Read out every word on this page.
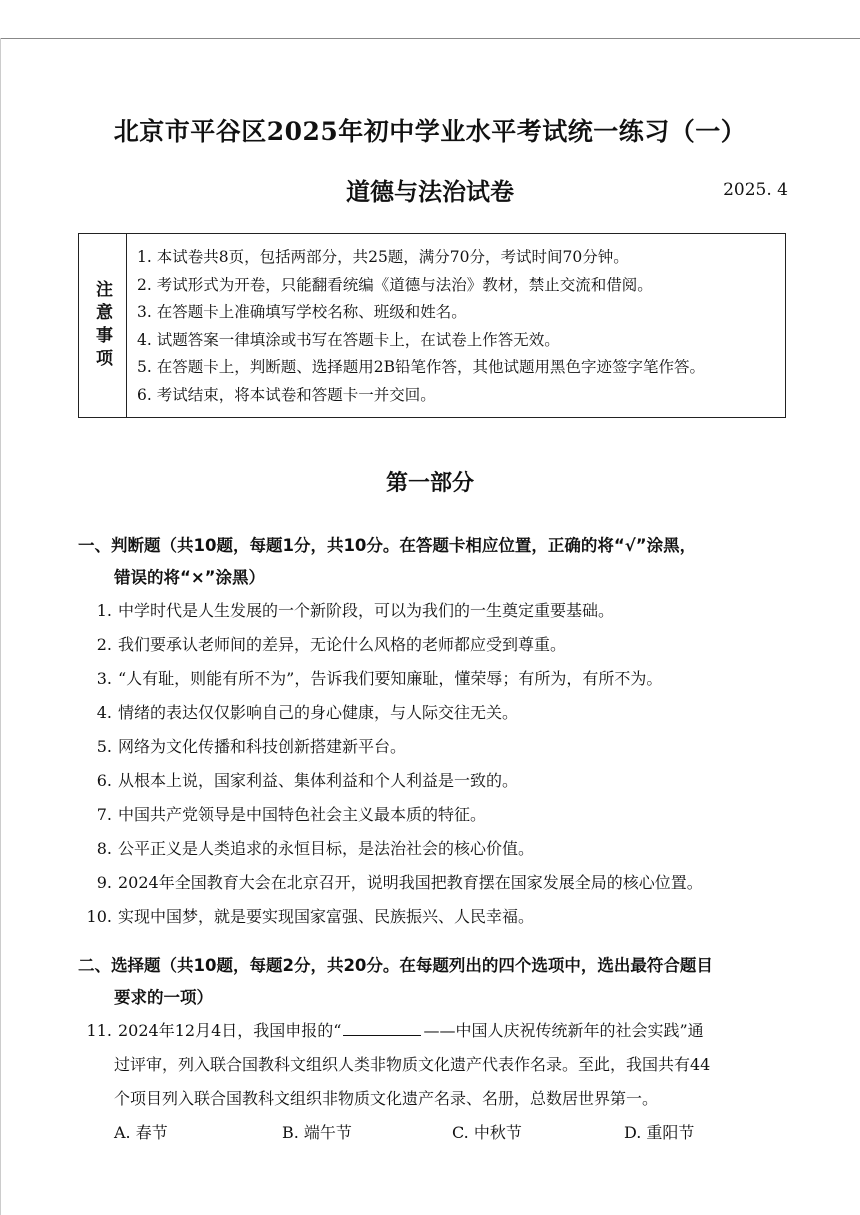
北京市平谷区2025年初中学业水平考试统一练习（一）
道德与法治试卷	2025. 4
注意事项
1. 本试卷共8页，包括两部分，共25题，满分70分，考试时间70分钟。
2. 考试形式为开卷，只能翻看统编《道德与法治》教材，禁止交流和借阅。
3. 在答题卡上准确填写学校名称、班级和姓名。
4. 试题答案一律填涂或书写在答题卡上，在试卷上作答无效。
5. 在答题卡上，判断题、选择题用2B铅笔作答，其他试题用黑色字迹签字笔作答。
6. 考试结束，将本试卷和答题卡一并交回。
第一部分
一、判断题（共10题，每题1分，共10分。在答题卡相应位置，正确的将“√”涂黑，
错误的将“×”涂黑）
1. 中学时代是人生发展的一个新阶段，可以为我们的一生奠定重要基础。
2. 我们要承认老师间的差异，无论什么风格的老师都应受到尊重。
3. “人有耻，则能有所不为”，告诉我们要知廉耻，懂荣辱；有所为，有所不为。
4. 情绪的表达仅仅影响自己的身心健康，与人际交往无关。
5. 网络为文化传播和科技创新搭建新平台。
6. 从根本上说，国家利益、集体利益和个人利益是一致的。
7. 中国共产党领导是中国特色社会主义最本质的特征。
8. 公平正义是人类追求的永恒目标，是法治社会的核心价值。
9. 2024年全国教育大会在北京召开，说明我国把教育摆在国家发展全局的核心位置。
10. 实现中国梦，就是要实现国家富强、民族振兴、人民幸福。
二、选择题（共10题，每题2分，共20分。在每题列出的四个选项中，选出最符合题目
要求的一项）
11. 2024年12月4日，我国申报的“	——中国人庆祝传统新年的社会实践”通
过评审，列入联合国教科文组织人类非物质文化遗产代表作名录。至此，我国共有44
个项目列入联合国教科文组织非物质文化遗产名录、名册，总数居世界第一。
A. 春节	B. 端午节	C. 中秋节	D. 重阳节
